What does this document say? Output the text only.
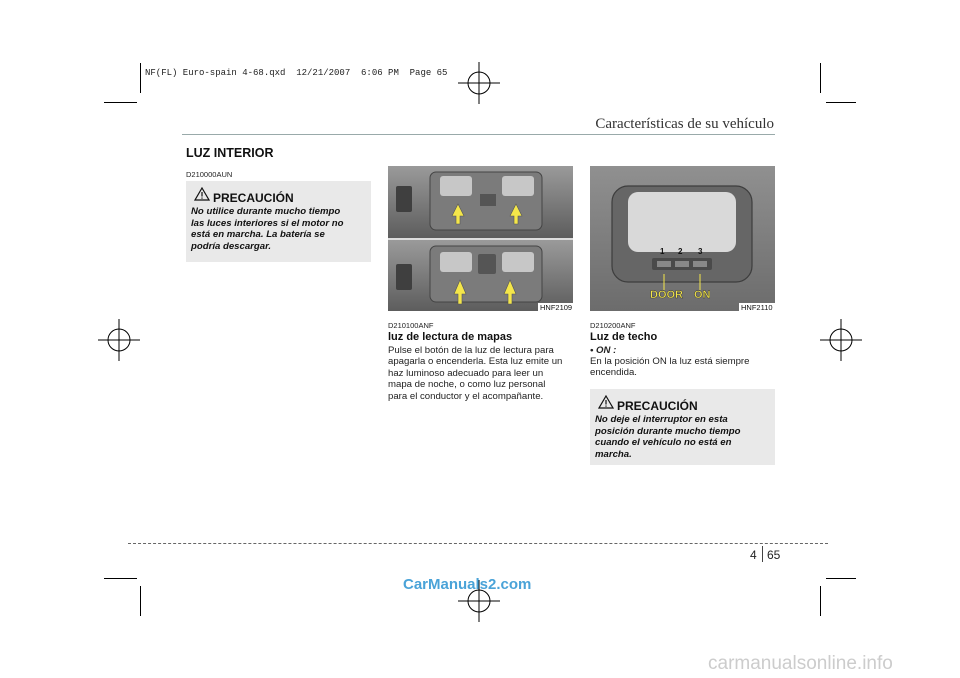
NF(FL) Euro-spain 4-68.qxd  12/21/2007  6:06 PM  Page 65
Características de su vehículo
LUZ INTERIOR
D210000AUN
PRECAUCIÓN
No utilice durante mucho tiempo
las luces interiores si el motor no
está en marcha. La batería se
podría descargar.
HNF2109
D210100ANF
luz de lectura de mapas
Pulse el botón de la luz de lectura para
apagarla o encenderla. Esta luz emite un
haz luminoso adecuado para leer un
mapa de noche, o como luz personal
para el conductor y el acompañante.
1 2 3
DOOR ON
HNF2110
D210200ANF
Luz de techo
• ON :
En la posición ON la luz está siempre
encendida.
PRECAUCIÓN
No deje el interruptor en esta
posición durante mucho tiempo
cuando el vehículo no está en
marcha.
4 65
CarManuals2.com
carmanualsonline.info
